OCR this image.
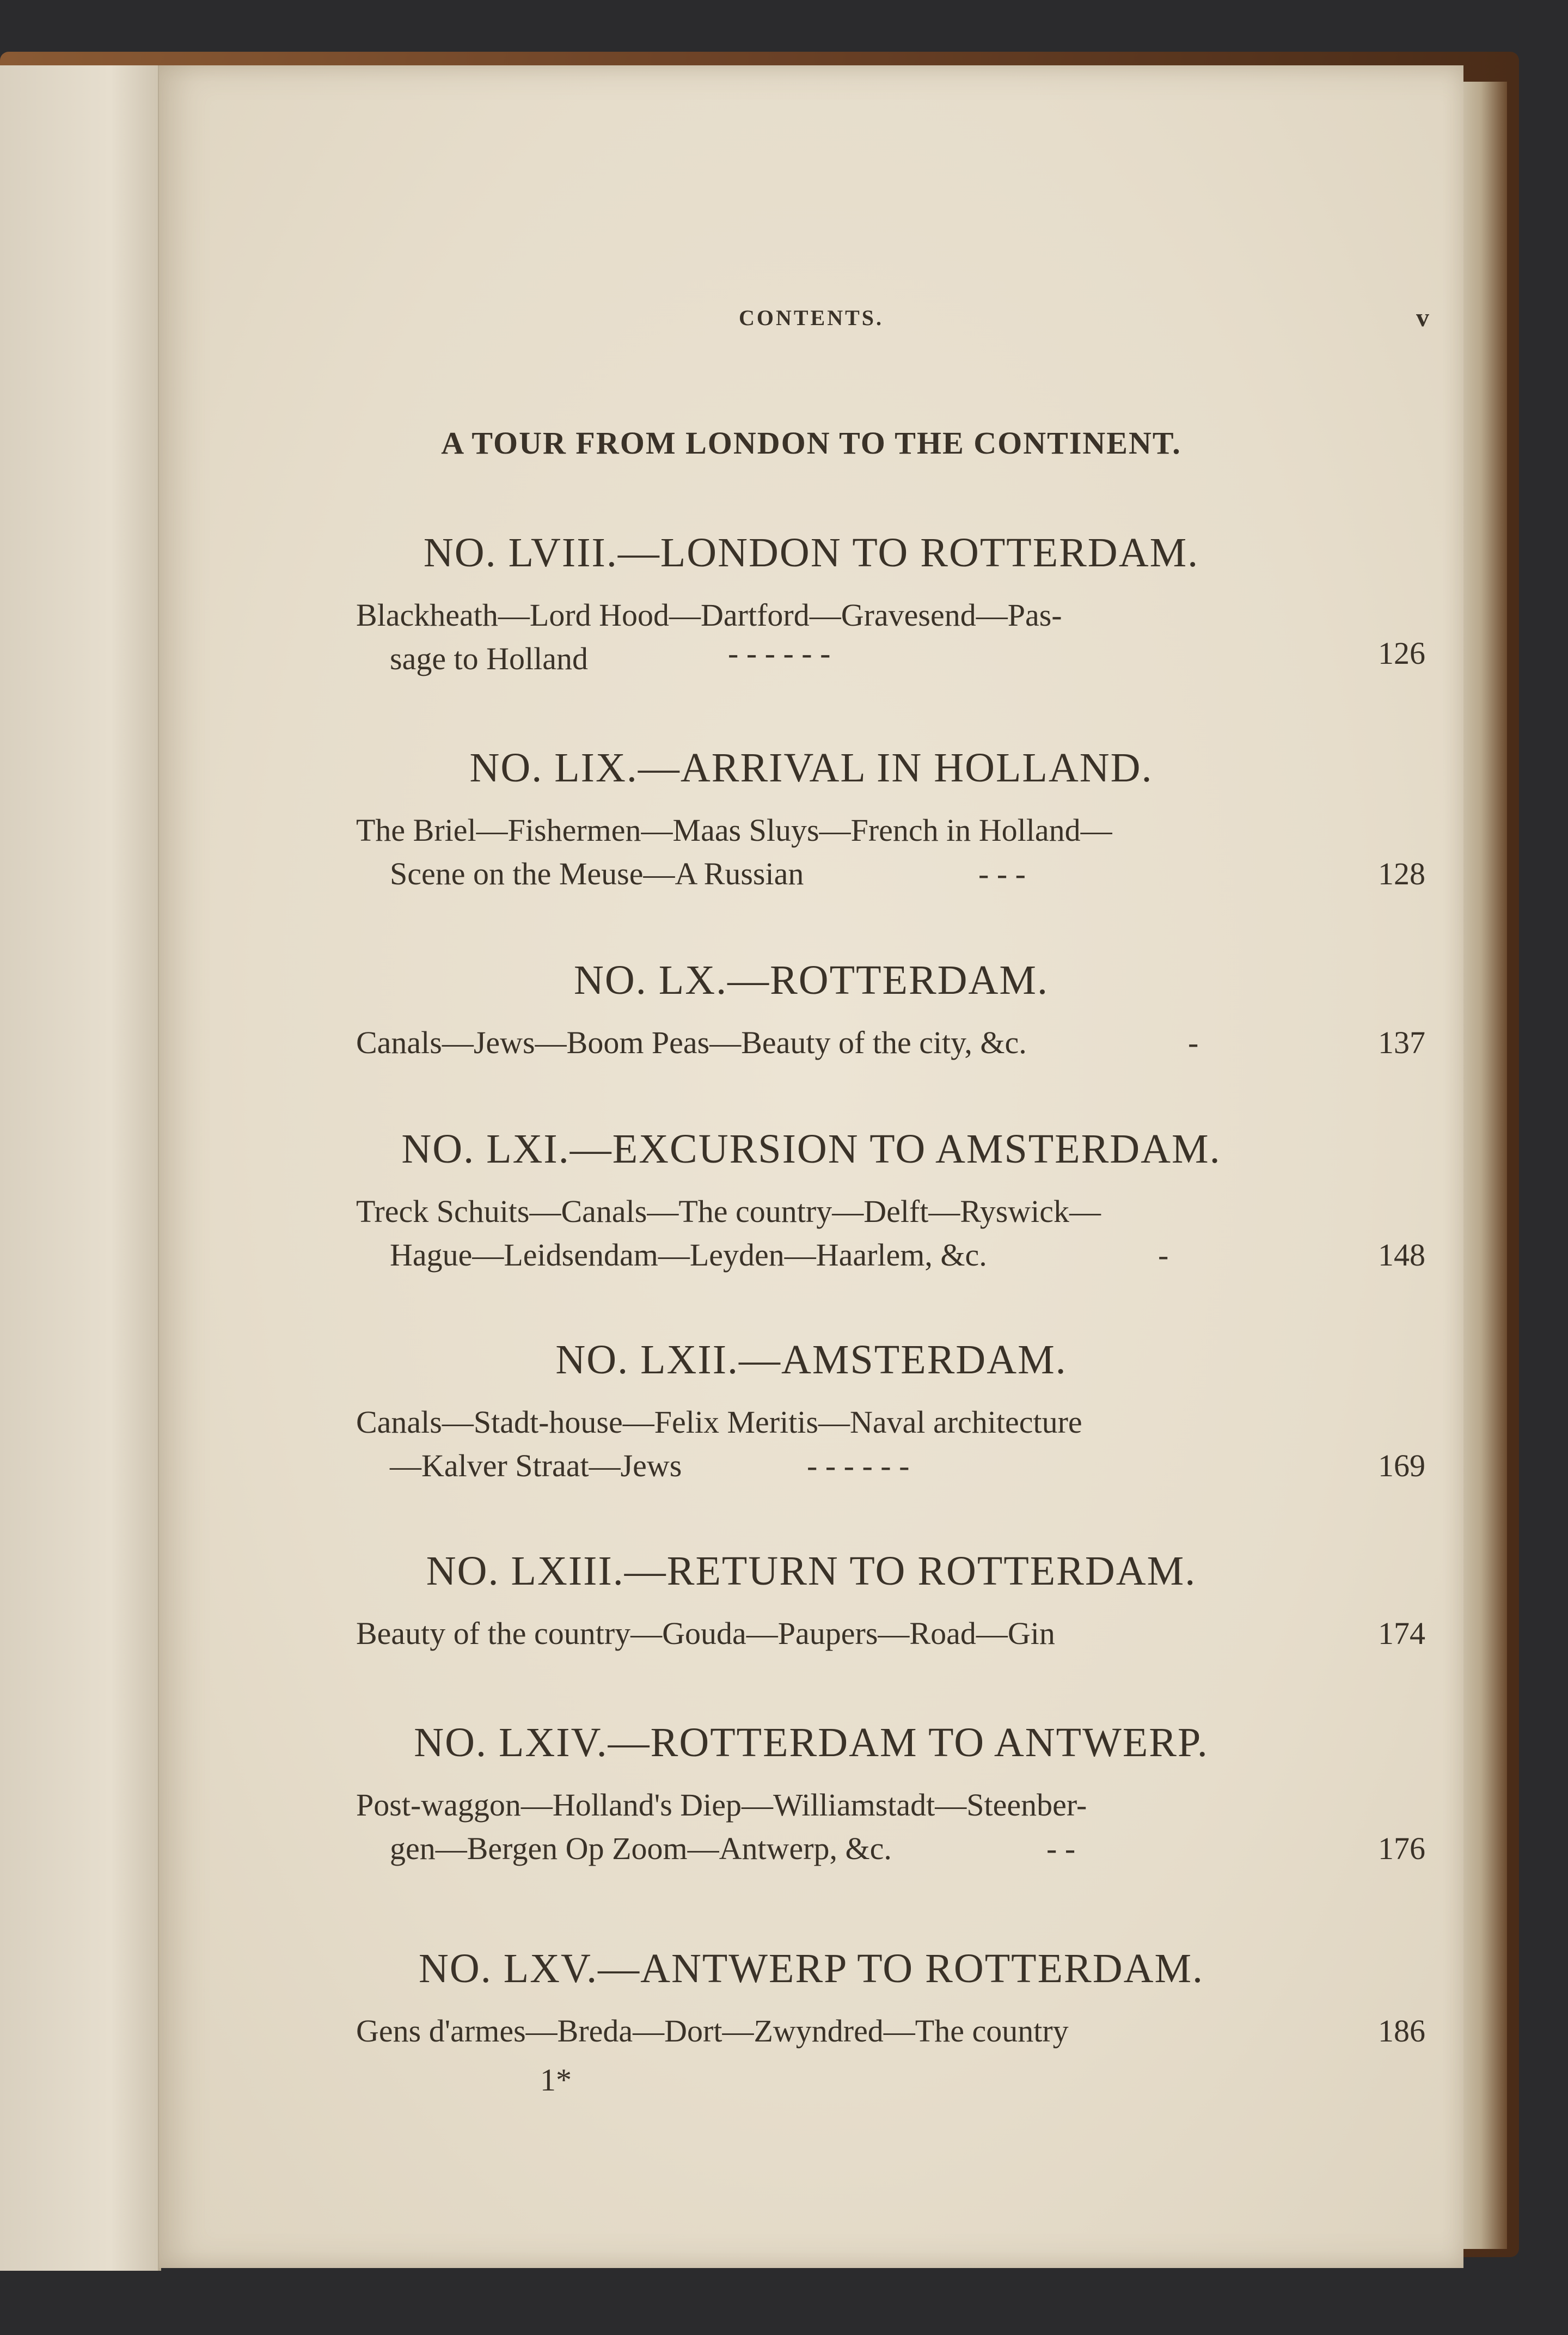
CONTENTS.	v
A TOUR FROM LONDON TO THE CONTINENT.
NO. LVIII.—LONDON TO ROTTERDAM.
Blackheath—Lord Hood—Dartford—Gravesend—Pas-
sage to Holland	- - - - - -	126
NO. LIX.—ARRIVAL IN HOLLAND.
The Briel—Fishermen—Maas Sluys—French in Holland—
Scene on the Meuse—A Russian	- - -	128
NO. LX.—ROTTERDAM.
Canals—Jews—Boom Peas—Beauty of the city, &c.	-	137
NO. LXI.—EXCURSION TO AMSTERDAM.
Treck Schuits—Canals—The country—Delft—Ryswick—
Hague—Leidsendam—Leyden—Haarlem, &c.	-	148
NO. LXII.—AMSTERDAM.
Canals—Stadt-house—Felix Meritis—Naval architecture
—Kalver Straat—Jews	- - - - - -	169
NO. LXIII.—RETURN TO ROTTERDAM.
Beauty of the country—Gouda—Paupers—Road—Gin	174
NO. LXIV.—ROTTERDAM TO ANTWERP.
Post-waggon—Holland's Diep—Williamstadt—Steenber-
gen—Bergen Op Zoom—Antwerp, &c.	- -	176
NO. LXV.—ANTWERP TO ROTTERDAM.
Gens d'armes—Breda—Dort—Zwyndred—The country	186
1*
